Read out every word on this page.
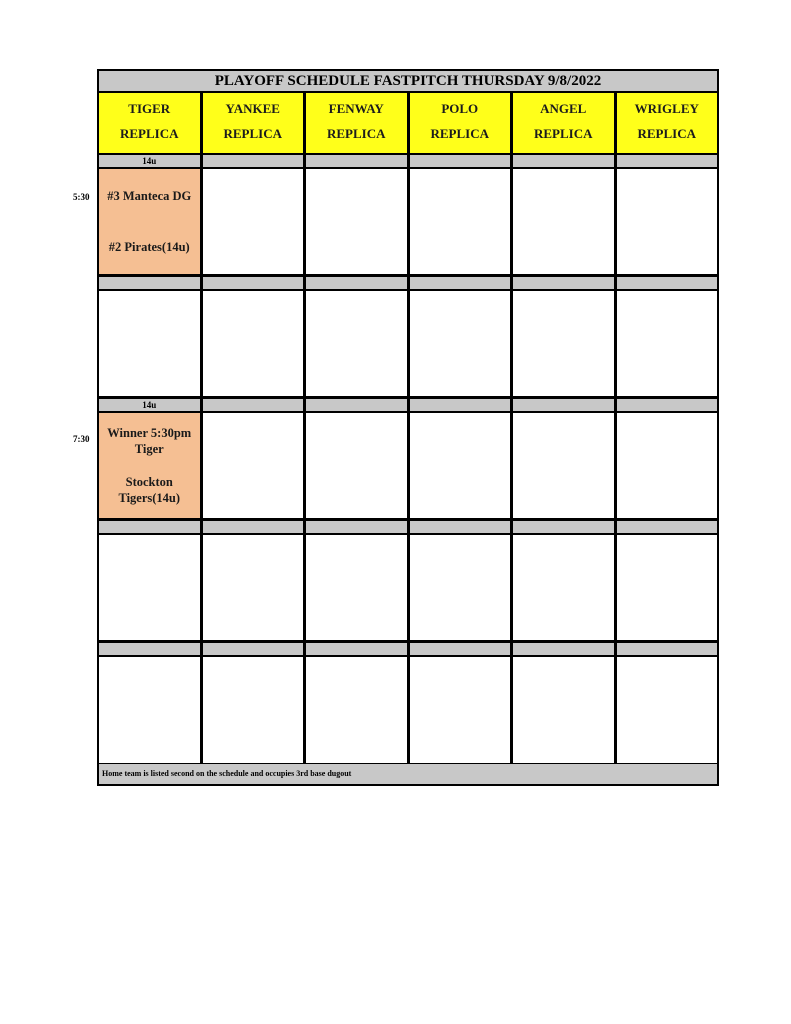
5:30
7:30
PLAYOFF SCHEDULE FASTPITCH THURSDAY 9/8/2022
TIGER
REPLICA
YANKEE
REPLICA
FENWAY
REPLICA
POLO
REPLICA
ANGEL
REPLICA
WRIGLEY
REPLICA
14u
#3 Manteca DG
#2 Pirates(14u)
14u
Winner 5:30pm Tiger
Stockton Tigers(14u)
Home team is listed second on the schedule and occupies 3rd base dugout
